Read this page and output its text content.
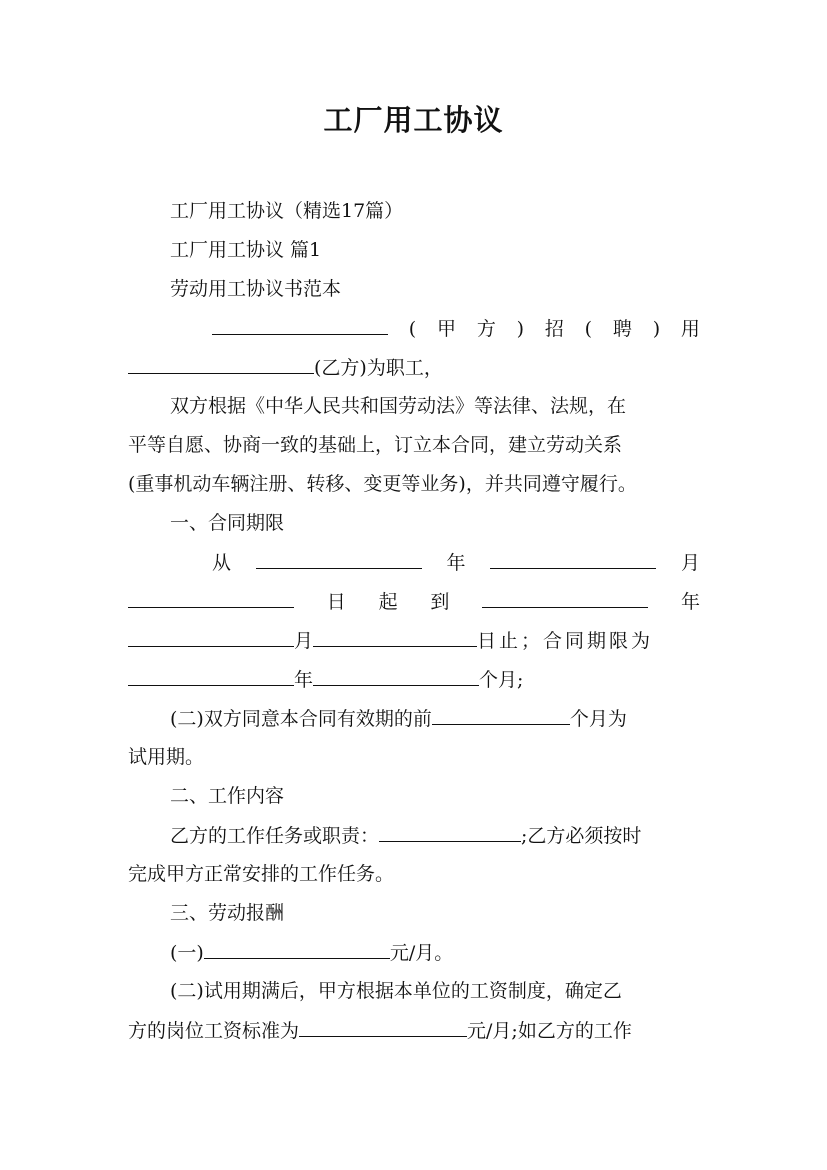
工厂用工协议
工厂用工协议（精选17篇）
工厂用工协议 篇1
劳动用工协议书范本
( 甲 方 ) 招 ( 聘 ) 用
(乙方)为职工，
双方根据《中华人民共和国劳动法》等法律、法规，在
平等自愿、协商一致的基础上，订立本合同，建立劳动关系
(重事机动车辆注册、转移、变更等业务)，并共同遵守履行。
一、合同期限
从	年	月
日 起 到	年
月	日止；合同期限为
年	个月;
(二)双方同意本合同有效期的前	个月为
试用期。
二、工作内容
乙方的工作任务或职责：	;乙方必须按时
完成甲方正常安排的工作任务。
三、劳动报酬
(一)	元/月。
(二)试用期满后，甲方根据本单位的工资制度，确定乙
方的岗位工资标准为	元/月;如乙方的工作
